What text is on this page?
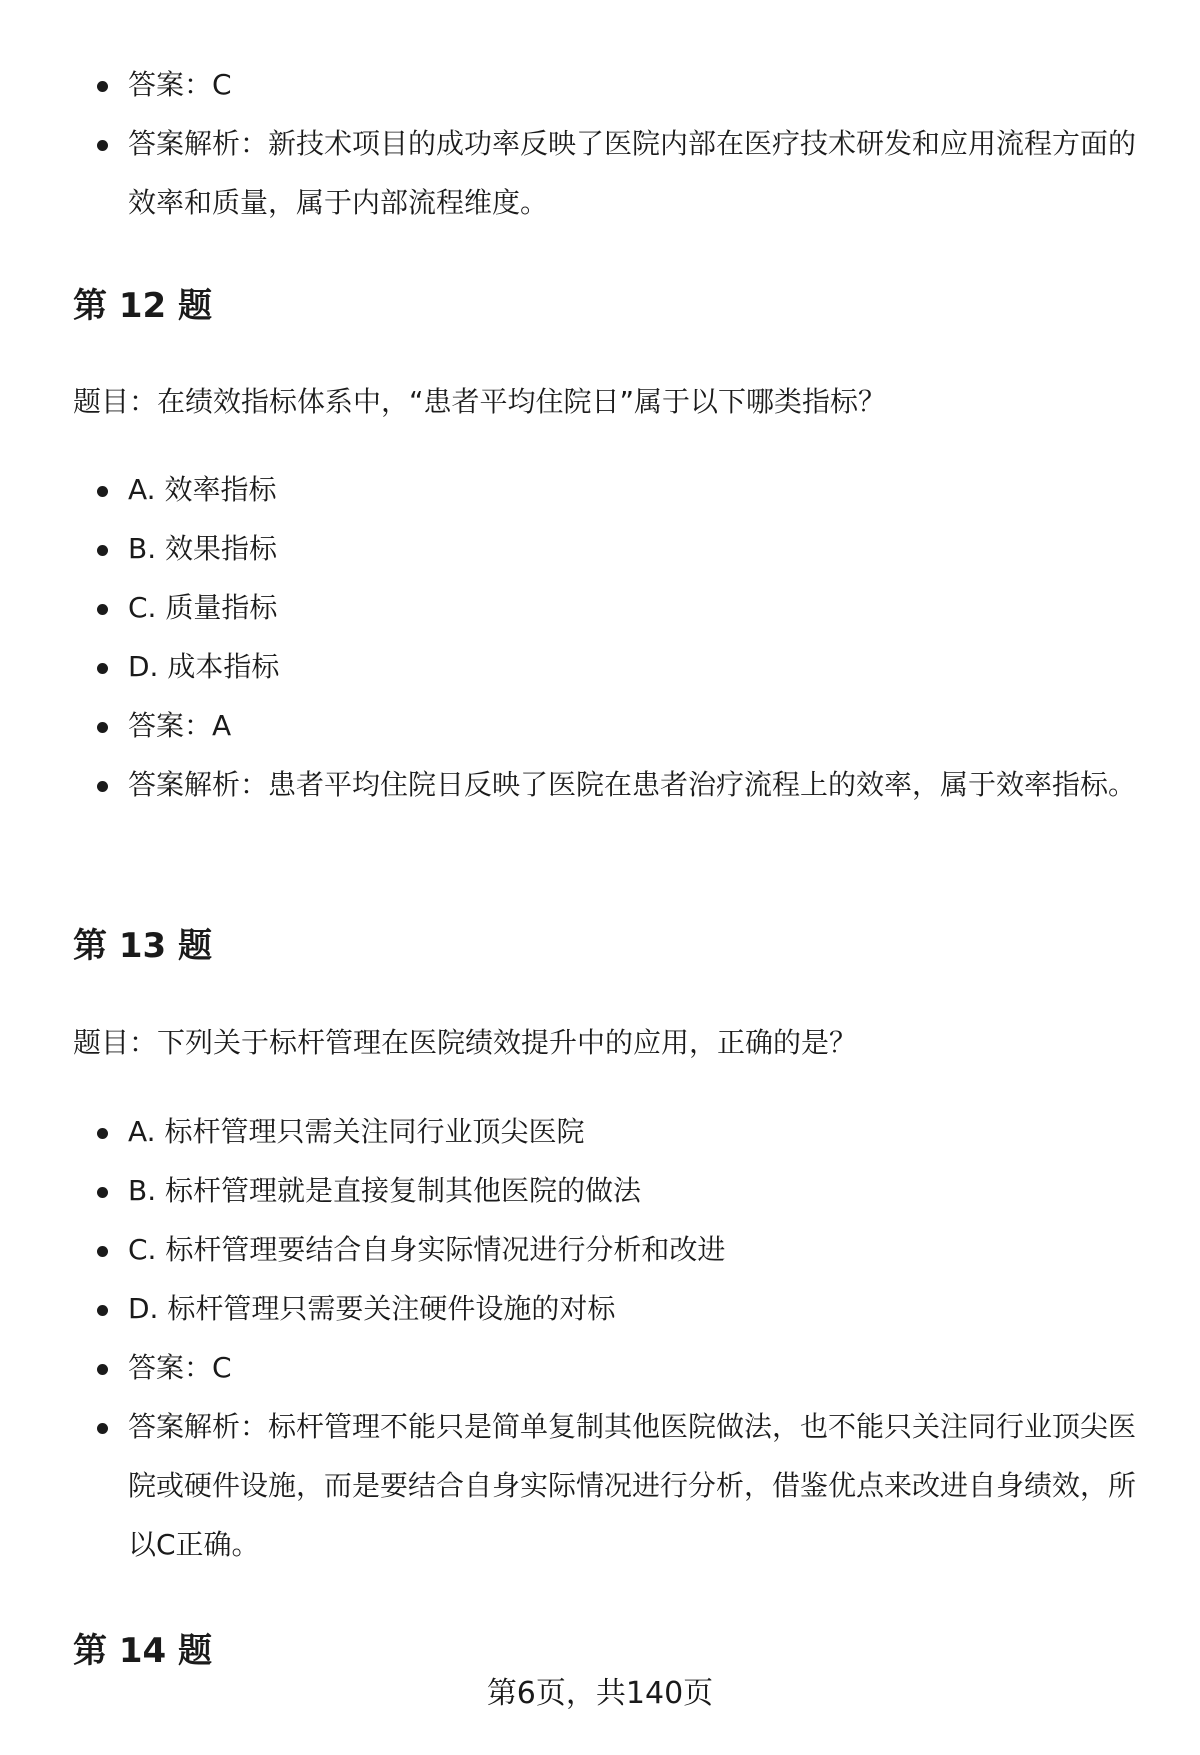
答案：C
答案解析：新技术项目的成功率反映了医院内部在医疗技术研发和应用流程方面的效率和质量，属于内部流程维度。
第 12 题

题目：在绩效指标体系中，“患者平均住院日”属于以下哪类指标？

A. 效率指标
B. 效果指标
C. 质量指标
D. 成本指标
答案：A
答案解析：患者平均住院日反映了医院在患者治疗流程上的效率，属于效率指标。
第 13 题

题目：下列关于标杆管理在医院绩效提升中的应用，正确的是？

A. 标杆管理只需关注同行业顶尖医院
B. 标杆管理就是直接复制其他医院的做法
C. 标杆管理要结合自身实际情况进行分析和改进
D. 标杆管理只需要关注硬件设施的对标
答案：C
答案解析：标杆管理不能只是简单复制其他医院做法，也不能只关注同行业顶尖医院或硬件设施，而是要结合自身实际情况进行分析，借鉴优点来改进自身绩效，所以C正确。
第 14 题
第6页，共140页
